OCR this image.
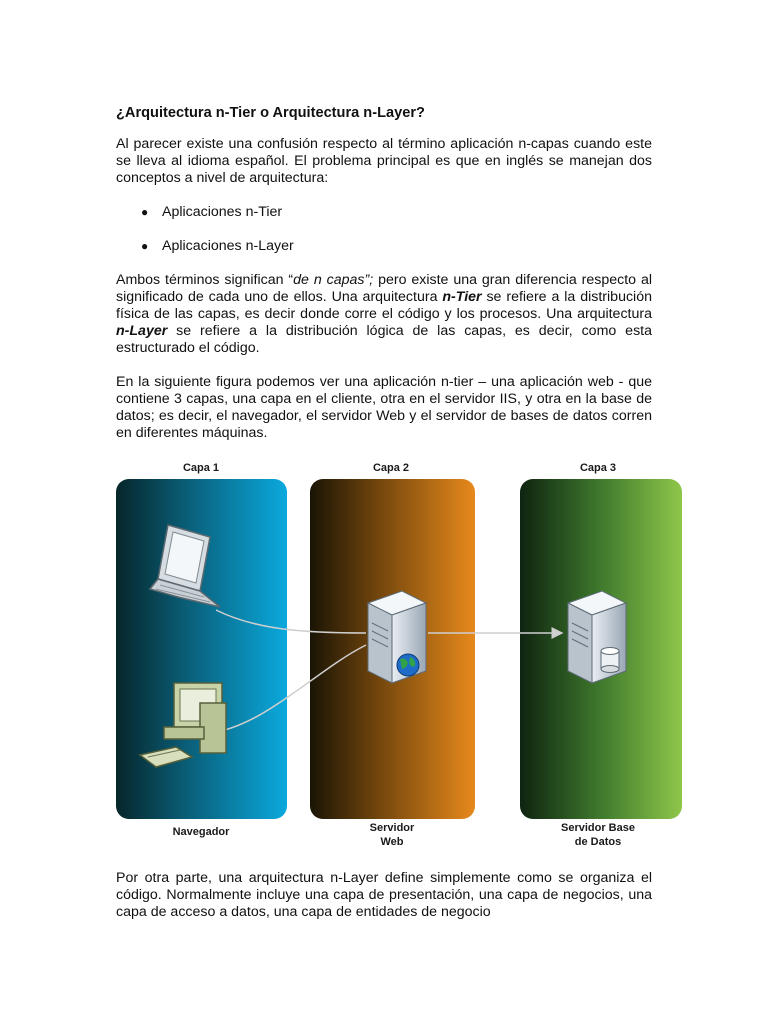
¿Arquitectura n-Tier o Arquitectura n-Layer?

Al parecer existe una confusión respecto al término aplicación n-capas cuando este se lleva al idioma español. El problema principal es que en inglés se manejan dos conceptos a nivel de arquitectura:

● Aplicaciones n-Tier
● Aplicaciones n-Layer

Ambos términos significan “de n capas”; pero existe una gran diferencia respecto al significado de cada uno de ellos. Una arquitectura n-Tier se refiere a la distribución física de las capas, es decir donde corre el código y los procesos. Una arquitectura n-Layer se refiere a la distribución lógica de las capas, es decir, como esta estructurado el código.

En la siguiente figura podemos ver una aplicación n-tier – una aplicación web - que contiene 3 capas, una capa en el cliente, otra en el servidor IIS, y otra en la base de datos; es decir, el navegador, el servidor Web y el servidor de bases de datos corren en diferentes máquinas.

Capa 1	Capa 2	Capa 3
Navegador	Servidor
Web
Servidor Base
de Datos
Por otra parte, una arquitectura n-Layer define simplemente como se organiza el código. Normalmente incluye una capa de presentación, una capa de negocios, una capa de acceso a datos, una capa de entidades de negocio
